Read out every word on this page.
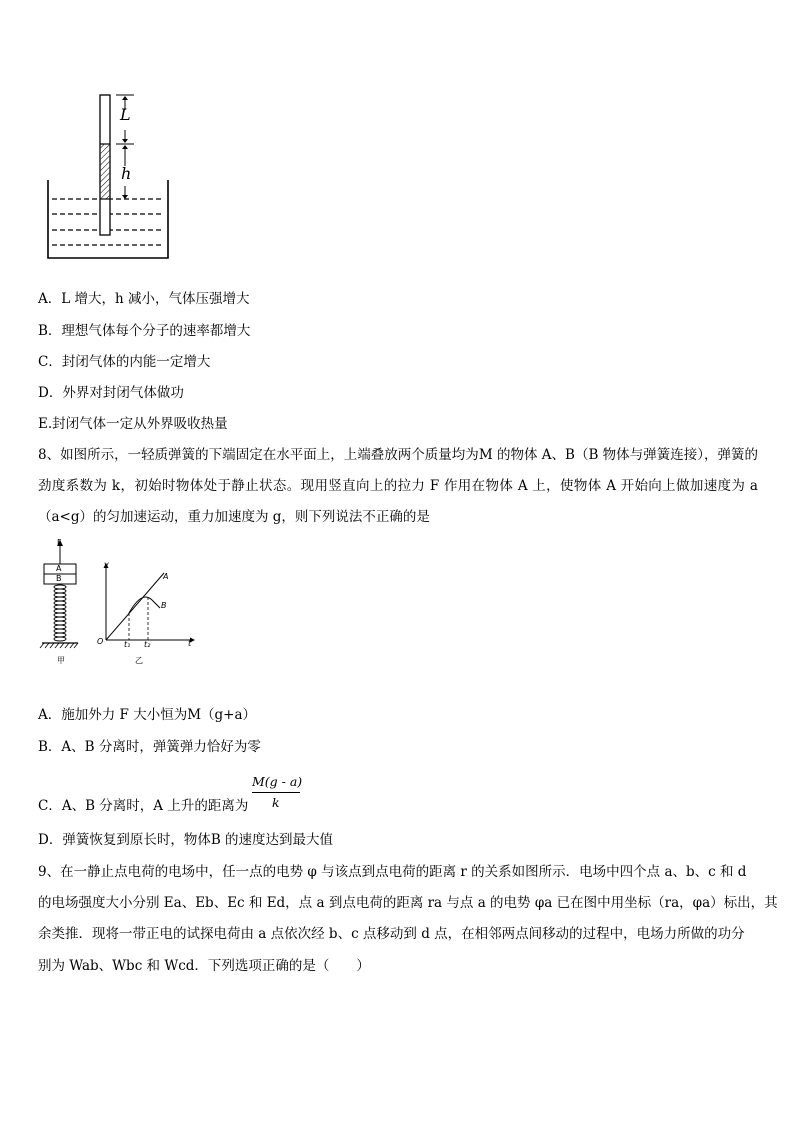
L
h
A．L 增大，h 减小，气体压强增大
B．理想气体每个分子的速率都增大
C．封闭气体的内能一定增大
D．外界对封闭气体做功
E.封闭气体一定从外界吸收热量
8、如图所示，一轻质弹簧的下端固定在水平面上，上端叠放两个质量均为M 的物体 A、B（B 物体与弹簧连接），弹簧的劲度系数为 k，初始时物体处于静止状态。现用竖直向上的拉力 F 作用在物体 A 上，使物体 A 开始向上做加速度为 a（a<g）的匀加速运动，重力加速度为 g，则下列说法不正确的是
F
A
B
甲
v
O	t
t₁ t₂
A
B
乙
A．施加外力 F 大小恒为M（g+a）
B．A、B 分离时，弹簧弹力恰好为零
C．A、B 分离时，A 上升的距离为
M(g - a)
k
D．弹簧恢复到原长时，物体B 的速度达到最大值
9、在一静止点电荷的电场中，任一点的电势 φ 与该点到点电荷的距离 r 的关系如图所示．电场中四个点 a、b、c 和 d
的电场强度大小分别 Ea、Eb、Ec 和 Ed，点 a 到点电荷的距离 ra 与点 a 的电势 φa 已在图中用坐标（ra，φa）标出，其
余类推．现将一带正电的试探电荷由 a 点依次经 b、c 点移动到 d 点，在相邻两点间移动的过程中，电场力所做的功分
别为 Wab、Wbc 和 Wcd．下列选项正确的是（　　）
